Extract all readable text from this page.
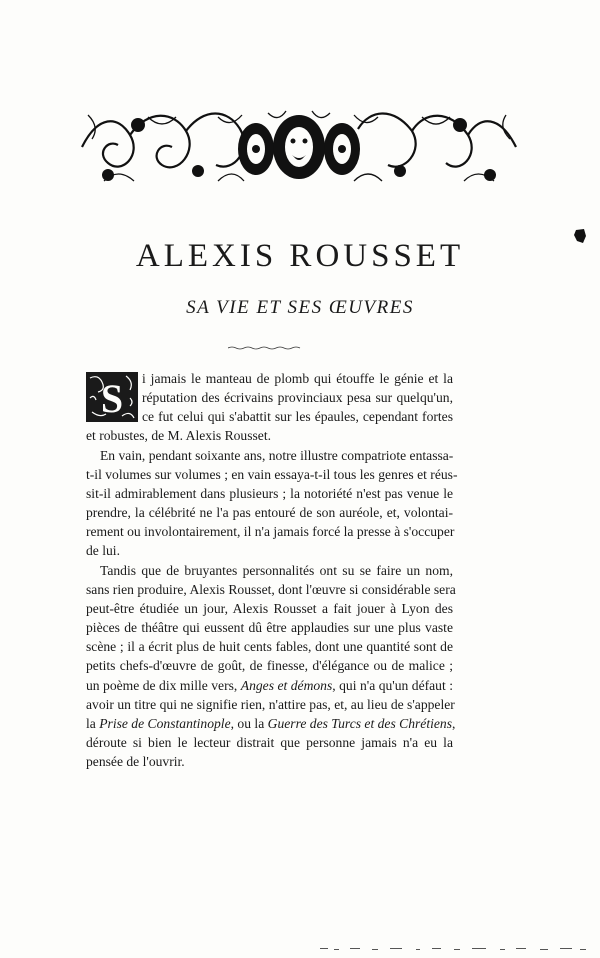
ALEXIS ROUSSET
SA VIE ET SES ŒUVRES
S	i jamais le manteau de plomb qui étouffe le génie et la
réputation des écrivains provinciaux pesa sur quelqu'un,
ce fut celui qui s'abattit sur les épaules, cependant fortes
et robustes, de M. Alexis Rousset.
En vain, pendant soixante ans, notre illustre compatriote entassa-
t-il volumes sur volumes ; en vain essaya-t-il tous les genres et réus-
sit-il admirablement dans plusieurs ; la notoriété n'est pas venue le
prendre, la célébrité ne l'a pas entouré de son auréole, et, volontai-
rement ou involontairement, il n'a jamais forcé la presse à s'occuper
de lui.
Tandis que de bruyantes personnalités ont su se faire un nom,
sans rien produire, Alexis Rousset, dont l'œuvre si considérable sera
peut-être étudiée un jour, Alexis Rousset a fait jouer à Lyon des
pièces de théâtre qui eussent dû être applaudies sur une plus vaste
scène ; il a écrit plus de huit cents fables, dont une quantité sont de
petits chefs-d'œuvre de goût, de finesse, d'élégance ou de malice ;
un poème de dix mille vers, Anges et démons, qui n'a qu'un défaut :
avoir un titre qui ne signifie rien, n'attire pas, et, au lieu de s'appeler
la Prise de Constantinople, ou la Guerre des Turcs et des Chrétiens,
déroute si bien le lecteur distrait que personne jamais n'a eu la
pensée de l'ouvrir.
